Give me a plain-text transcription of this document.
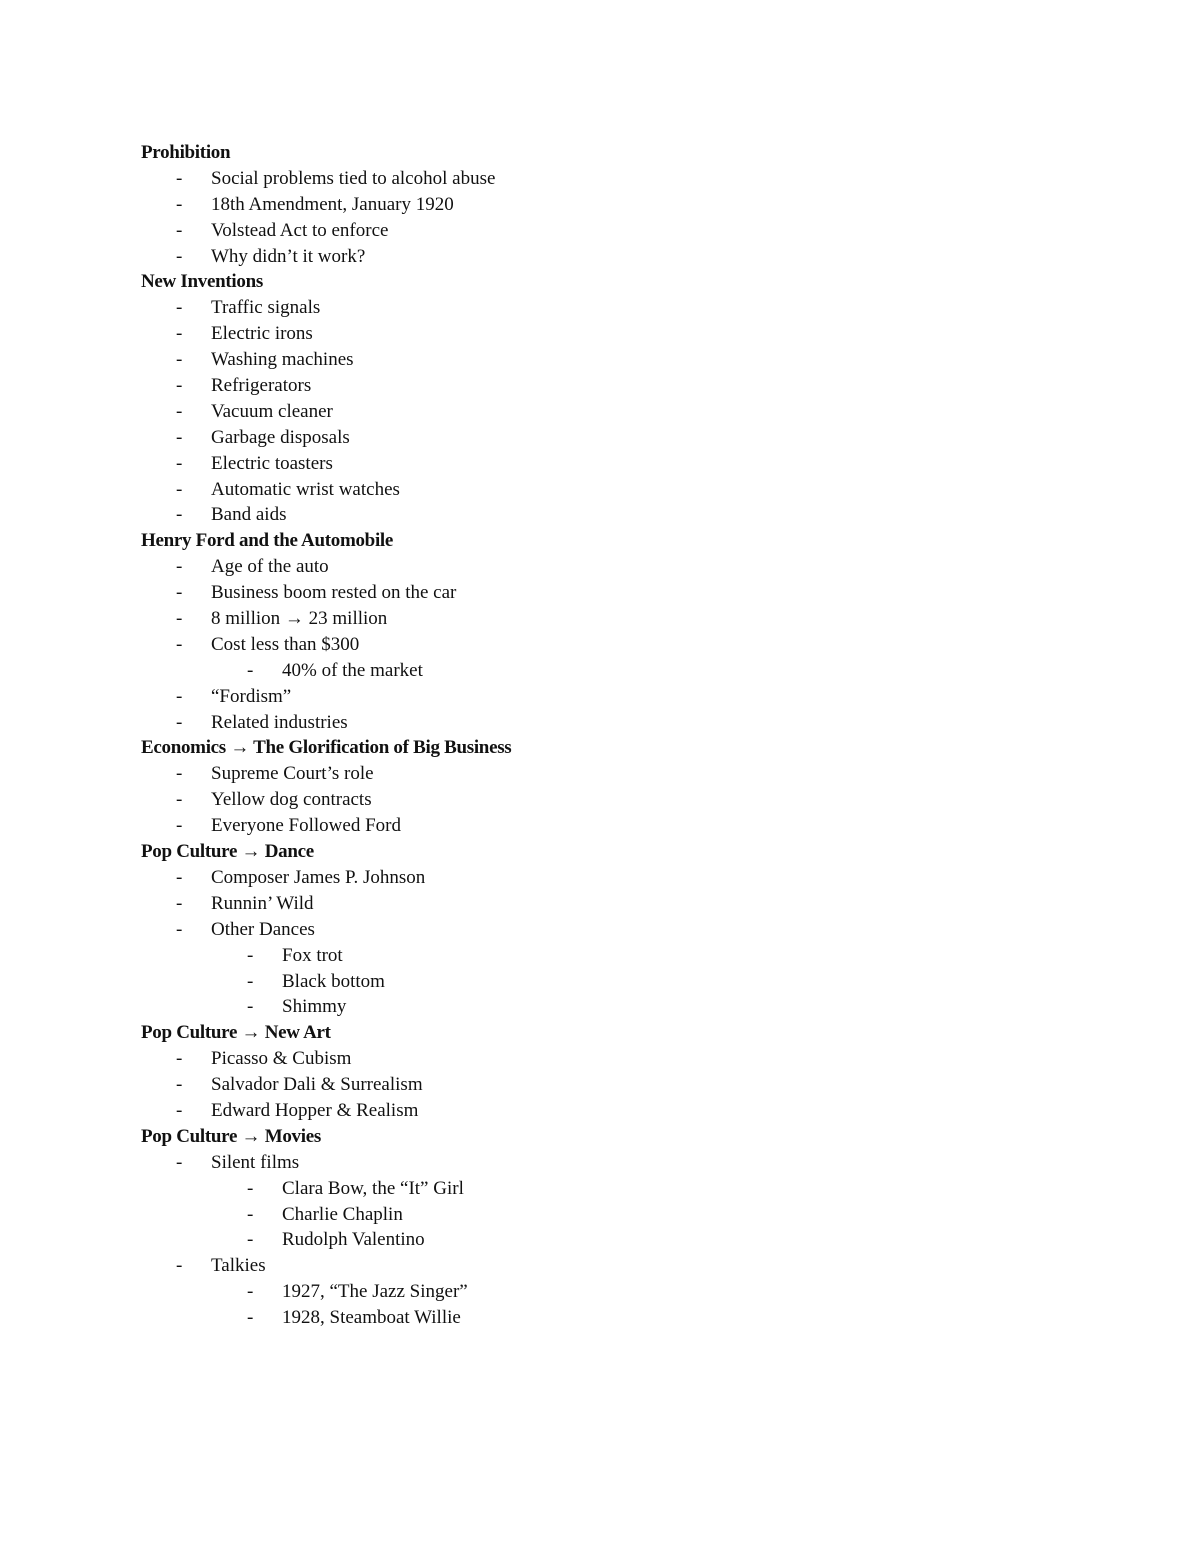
Prohibition
- Social problems tied to alcohol abuse
- 18th Amendment, January 1920
- Volstead Act to enforce
- Why didn’t it work?
New Inventions
- Traffic signals
- Electric irons
- Washing machines
- Refrigerators
- Vacuum cleaner
- Garbage disposals
- Electric toasters
- Automatic wrist watches
- Band aids
Henry Ford and the Automobile
- Age of the auto
- Business boom rested on the car
- 8 million → 23 million
- Cost less than $300
- 40% of the market
- “Fordism”
- Related industries
Economics → The Glorification of Big Business
- Supreme Court’s role
- Yellow dog contracts
- Everyone Followed Ford
Pop Culture → Dance
- Composer James P. Johnson
- Runnin’ Wild
- Other Dances
- Fox trot
- Black bottom
- Shimmy
Pop Culture → New Art
- Picasso & Cubism
- Salvador Dali & Surrealism
- Edward Hopper & Realism
Pop Culture → Movies
- Silent films
- Clara Bow, the “It” Girl
- Charlie Chaplin
- Rudolph Valentino
- Talkies
- 1927, “The Jazz Singer”
- 1928, Steamboat Willie
